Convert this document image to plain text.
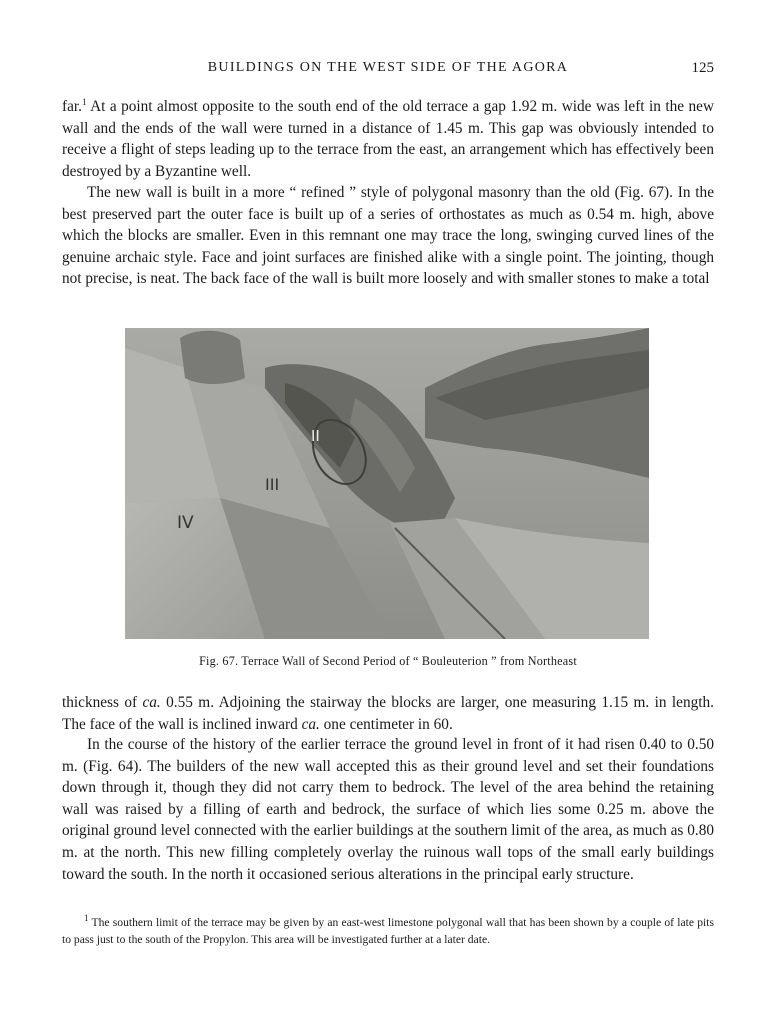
BUILDINGS ON THE WEST SIDE OF THE AGORA	125

far.$^1$ At a point almost opposite to the south end of the old terrace a gap 1.92 m. wide was left in the new wall and the ends of the wall were turned in a distance of 1.45 m. This gap was obviously intended to receive a flight of steps leading up to the terrace from the east, an arrangement which has effectively been destroyed by a Byzantine well.

The new wall is built in a more “ refined ” style of polygonal masonry than the old (Fig. 67). In the best preserved part the outer face is built up of a series of orthostates as much as 0.54 m. high, above which the blocks are smaller. Even in this remnant one may trace the long, swinging curved lines of the genuine archaic style. Face and joint surfaces are finished alike with a single point. The jointing, though not precise, is neat. The back face of the wall is built more loosely and with smaller stones to make a total

II
III
IV
Fig. 67. Terrace Wall of Second Period of “ Bouleuterion ” from Northeast

thickness of ca. 0.55 m. Adjoining the stairway the blocks are larger, one measuring 1.15 m. in length. The face of the wall is inclined inward ca. one centimeter in 60.

In the course of the history of the earlier terrace the ground level in front of it had risen 0.40 to 0.50 m. (Fig. 64). The builders of the new wall accepted this as their ground level and set their foundations down through it, though they did not carry them to bedrock. The level of the area behind the retaining wall was raised by a filling of earth and bedrock, the surface of which lies some 0.25 m. above the original ground level connected with the earlier buildings at the southern limit of the area, as much as 0.80 m. at the north. This new filling completely overlay the ruinous wall tops of the small early buildings toward the south. In the north it occasioned serious alterations in the principal early structure.

$^1$ The southern limit of the terrace may be given by an east-west limestone polygonal wall that has been shown by a couple of late pits to pass just to the south of the Propylon. This area will be investigated further at a later date.
